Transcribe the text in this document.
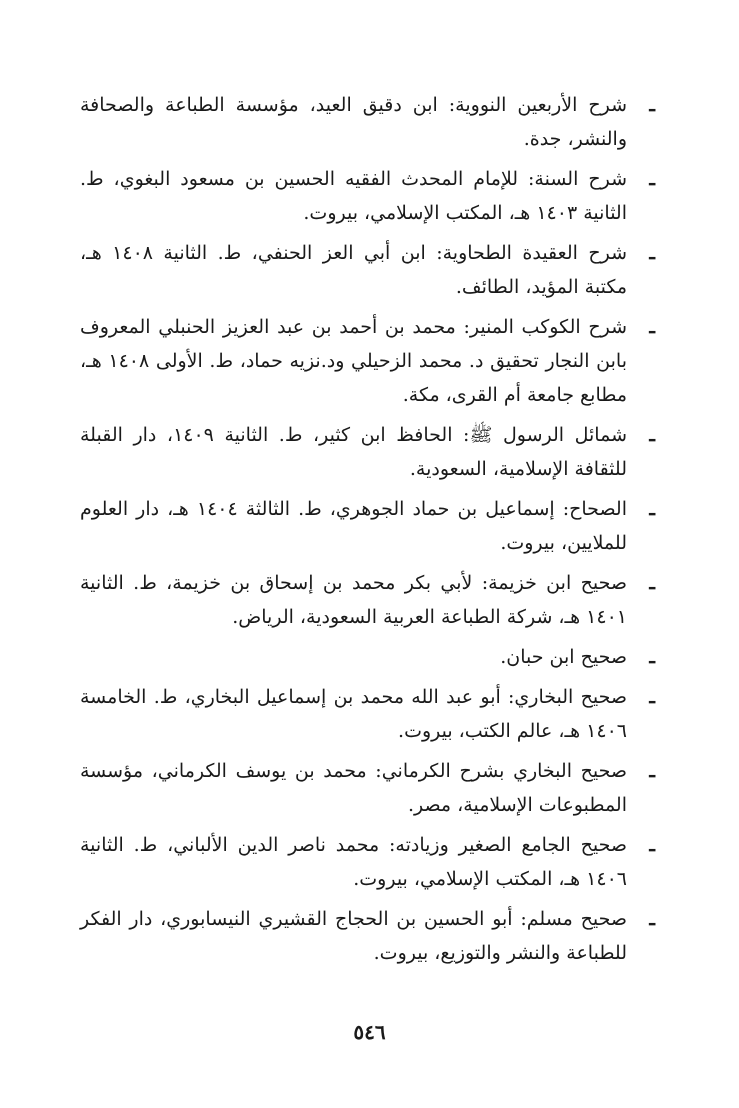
ـ
شرح الأربعين النووية: ابن دقيق العيد، مؤسسة الطباعة والصحافة والنشر، جدة.
ـ
شرح السنة: للإمام المحدث الفقيه الحسين بن مسعود البغوي، ط. الثانية ١٤٠٣ هـ، المكتب الإسلامي، بيروت.
ـ
شرح العقيدة الطحاوية: ابن أبي العز الحنفي، ط. الثانية ١٤٠٨ هـ، مكتبة المؤيد، الطائف.
ـ
شرح الكوكب المنير: محمد بن أحمد بن عبد العزيز الحنبلي المعروف بابن النجار تحقيق د. محمد الزحيلي ود.نزيه حماد، ط. الأولى ١٤٠٨ هـ، مطابع جامعة أم القرى، مكة.
ـ
شمائل الرسول ﷺ: الحافظ ابن كثير، ط. الثانية ١٤٠٩، دار القبلة للثقافة الإسلامية، السعودية.
ـ
الصحاح: إسماعيل بن حماد الجوهري، ط. الثالثة ١٤٠٤ هـ، دار العلوم للملايين، بيروت.
ـ
صحيح ابن خزيمة: لأبي بكر محمد بن إسحاق بن خزيمة، ط. الثانية ١٤٠١ هـ، شركة الطباعة العربية السعودية، الرياض.
ـ
صحيح ابن حبان.
ـ
صحيح البخاري: أبو عبد الله محمد بن إسماعيل البخاري، ط. الخامسة ١٤٠٦ هـ، عالم الكتب، بيروت.
ـ
صحيح البخاري بشرح الكرماني: محمد بن يوسف الكرماني، مؤسسة المطبوعات الإسلامية، مصر.
ـ
صحيح الجامع الصغير وزيادته: محمد ناصر الدين الألباني، ط. الثانية ١٤٠٦ هـ، المكتب الإسلامي، بيروت.
ـ
صحيح مسلم: أبو الحسين بن الحجاج القشيري النيسابوري، دار الفكر للطباعة والنشر والتوزيع، بيروت.
٥٤٦
